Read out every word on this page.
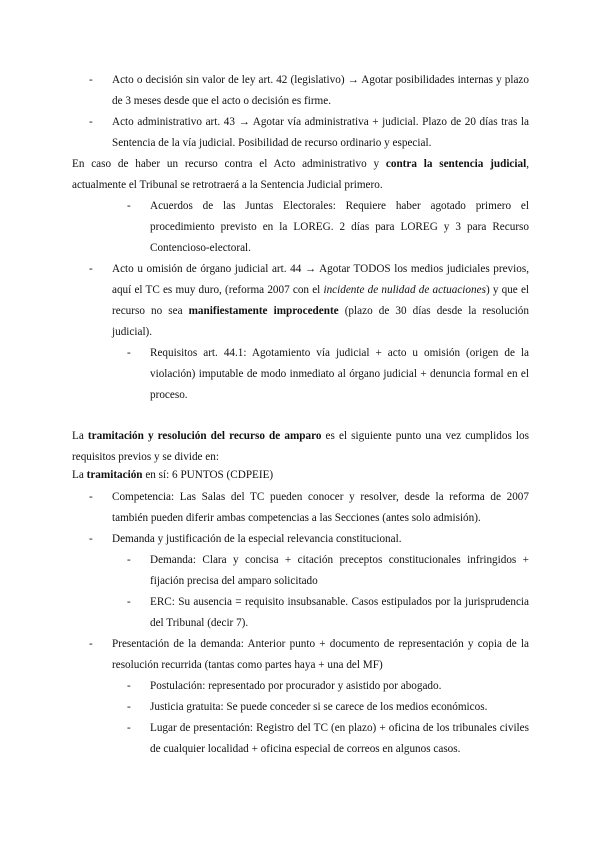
- Acto o decisión sin valor de ley art. 42 (legislativo) → Agotar posibilidades internas y plazo de 3 meses desde que el acto o decisión es firme.
- Acto administrativo art. 43 → Agotar vía administrativa + judicial. Plazo de 20 días tras la Sentencia de la vía judicial. Posibilidad de recurso ordinario y especial.
En caso de haber un recurso contra el Acto administrativo y contra la sentencia judicial, actualmente el Tribunal se retrotraerá a la Sentencia Judicial primero.
- Acuerdos de las Juntas Electorales: Requiere haber agotado primero el procedimiento previsto en la LOREG. 2 días para LOREG y 3 para Recurso Contencioso-electoral.
- Acto u omisión de órgano judicial art. 44 → Agotar TODOS los medios judiciales previos, aquí el TC es muy duro, (reforma 2007 con el incidente de nulidad de actuaciones) y que el recurso no sea manifiestamente improcedente (plazo de 30 días desde la resolución judicial).
- Requisitos art. 44.1: Agotamiento vía judicial + acto u omisión (origen de la violación) imputable de modo inmediato al órgano judicial + denuncia formal en el proceso.
La tramitación y resolución del recurso de amparo es el siguiente punto una vez cumplidos los requisitos previos y se divide en:
La tramitación en sí: 6 PUNTOS (CDPEIE)
- Competencia: Las Salas del TC pueden conocer y resolver, desde la reforma de 2007 también pueden diferir ambas competencias a las Secciones (antes solo admisión).
- Demanda y justificación de la especial relevancia constitucional.
- Demanda: Clara y concisa + citación preceptos constitucionales infringidos + fijación precisa del amparo solicitado
- ERC: Su ausencia = requisito insubsanable. Casos estipulados por la jurisprudencia del Tribunal (decir 7).
- Presentación de la demanda: Anterior punto + documento de representación y copia de la resolución recurrida (tantas como partes haya + una del MF)
- Postulación: representado por procurador y asistido por abogado.
- Justicia gratuita: Se puede conceder si se carece de los medios económicos.
- Lugar de presentación: Registro del TC (en plazo) + oficina de los tribunales civiles de cualquier localidad + oficina especial de correos en algunos casos.
